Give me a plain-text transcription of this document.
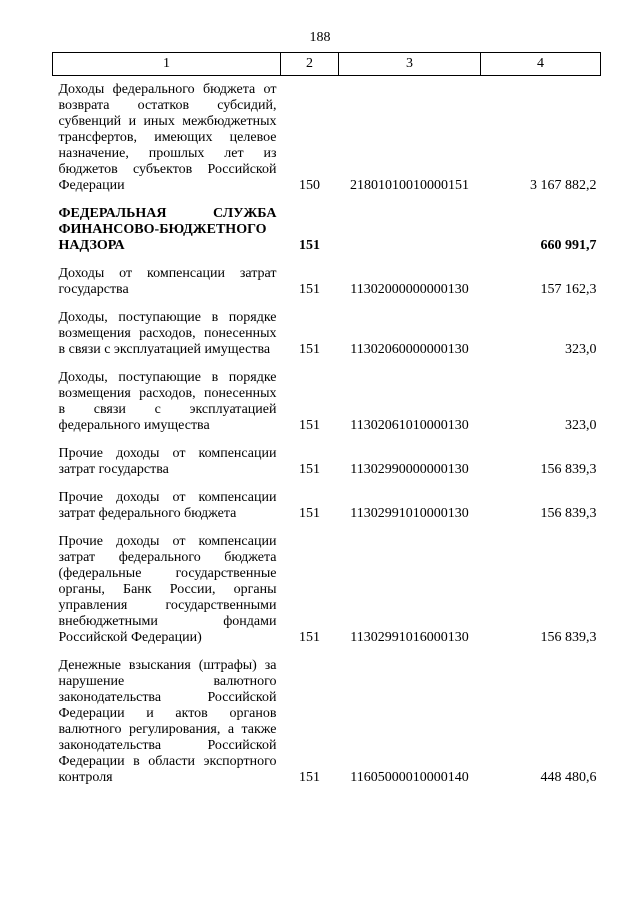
188
1	2	3	4
Доходы федерального бюджета от возврата остатков субсидий, субвенций и иных межбюджетных трансфертов, имеющих целевое назначение, прошлых лет из бюджетов субъектов Российской Федерации	150	21801010010000151	3 167 882,2
ФЕДЕРАЛЬНАЯ СЛУЖБА ФИНАНСОВО-БЮДЖЕТНОГО НАДЗОРА	151		660 991,7
Доходы от компенсации затрат государства	151	11302000000000130	157 162,3
Доходы, поступающие в порядке возмещения расходов, понесенных в связи с эксплуатацией имущества	151	11302060000000130	323,0
Доходы, поступающие в порядке возмещения расходов, понесенных в связи с эксплуатацией федерального имущества	151	11302061010000130	323,0
Прочие доходы от компенсации затрат государства	151	11302990000000130	156 839,3
Прочие доходы от компенсации затрат федерального бюджета	151	11302991010000130	156 839,3
Прочие доходы от компенсации затрат федерального бюджета (федеральные государственные органы, Банк России, органы управления государственными внебюджетными фондами Российской Федерации)	151	11302991016000130	156 839,3
Денежные взыскания (штрафы) за нарушение валютного законодательства Российской Федерации и актов органов валютного регулирования, а также законодательства Российской Федерации в области экспортного контроля	151	11605000010000140	448 480,6
